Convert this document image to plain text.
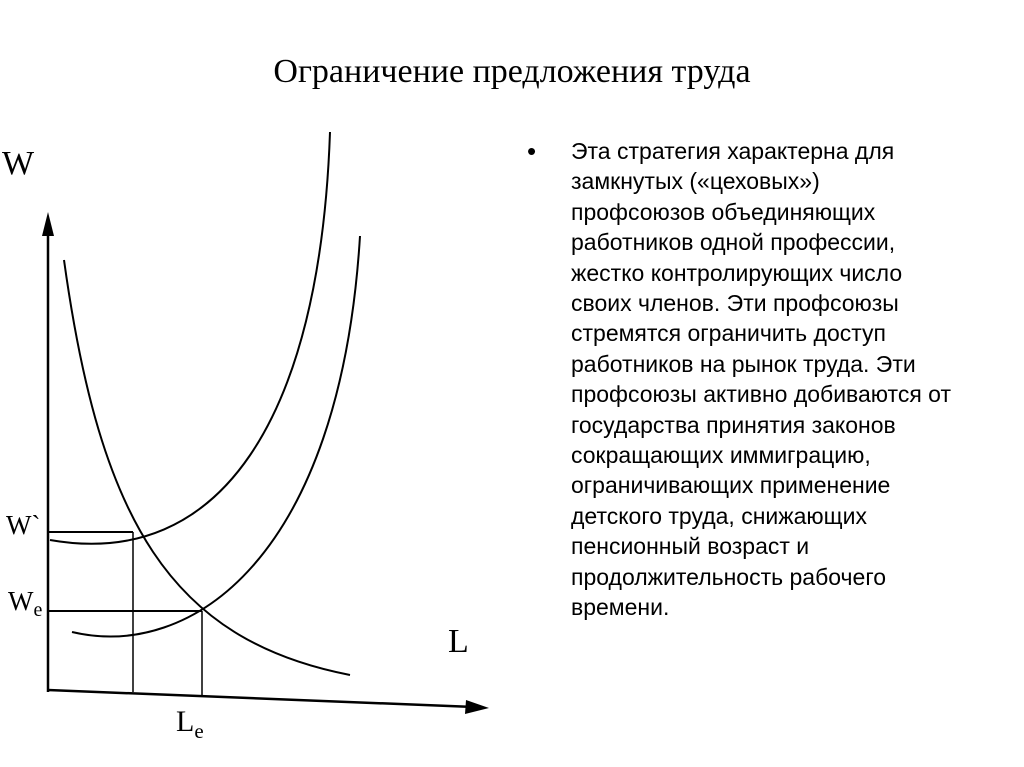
Ограничение предложения труда
W
L
W`
$W_e$
$L_e$
• Эта стратегия характерна для
замкнутых («цеховых»)
профсоюзов объединяющих
работников одной профессии,
жестко контролирующих число
своих членов. Эти профсоюзы
стремятся ограничить доступ
работников на рынок труда. Эти
профсоюзы активно добиваются от
государства принятия законов
сокращающих иммиграцию,
ограничивающих применение
детского труда, снижающих
пенсионный возраст и
продолжительность рабочего
времени.
